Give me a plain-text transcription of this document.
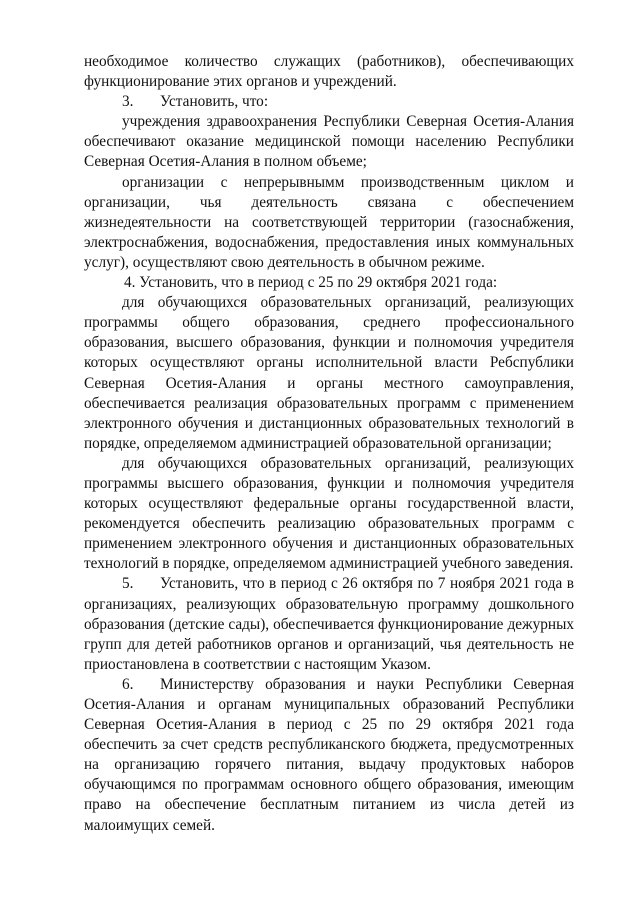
необходимое количество служащих (работников), обеспечивающих функционирование этих органов и учреждений.

3. Установить, что:

учреждения здравоохранения Республики Северная Осетия-Алания обеспечивают оказание медицинской помощи населению Республики Северная Осетия-Алания в полном объеме;

организации с непрерывнымм производственным циклом и организации, чья деятельность связана с обеспечением жизнедеятельности на соответствующей территории (газоснабжения, электроснабжения, водоснабжения, предоставления иных коммунальных услуг), осуществляют свою деятельность в обычном режиме.

4. Установить, что в период с 25 по 29 октября 2021 года:

для обучающихся образовательных организаций, реализующих программы общего образования, среднего профессионального образования, высшего образования, функции и полномочия учредителя которых осуществляют органы исполнительной власти Ребспублики Северная Осетия-Алания и органы местного самоуправления, обеспечивается реализация образовательных программ с применением электронного обучения и дистанционных образовательных технологий в порядке, определяемом администрацией образовательной организации;

для обучающихся образовательных организаций, реализующих программы высшего образования, функции и полномочия учредителя которых осуществляют федеральные органы государственной власти, рекомендуется обеспечить реализацию образовательных программ с применением электронного обучения и дистанционных образовательных технологий в порядке, определяемом администрацией учебного заведения.

5. Установить, что в период с 26 октября по 7 ноября 2021 года в организациях, реализующих образовательную программу дошкольного образования (детские сады), обеспечивается функционирование дежурных групп для детей работников органов и организаций, чья деятельность не приостановлена в соответствии с настоящим Указом.

6. Министерству образования и науки Республики Северная Осетия-Алания и органам муниципальных образований Республики Северная Осетия-Алания в период с 25 по 29 октября 2021 года обеспечить за счет средств республиканского бюджета, предусмотренных на организацию горячего питания, выдачу продуктовых наборов обучающимся по программам основного общего образования, имеющим право на обеспечение бесплатным питанием из числа детей из малоимущих семей.
